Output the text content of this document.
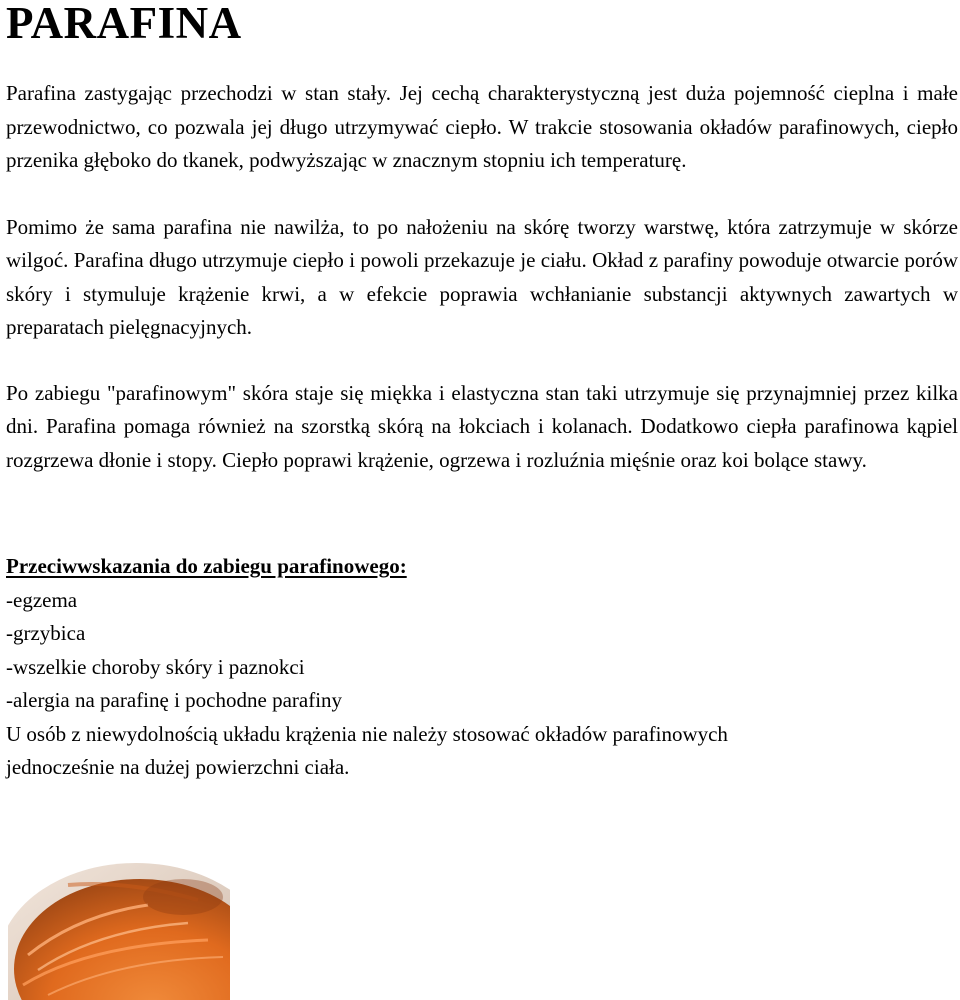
PARAFINA

Parafina zastygając przechodzi w stan stały. Jej cechą charakterystyczną jest duża pojemność cieplna i małe przewodnictwo, co pozwala jej długo utrzymywać ciepło. W trakcie stosowania okładów parafinowych, ciepło przenika głęboko do tkanek, podwyższając w znacznym stopniu ich temperaturę.

Pomimo że sama parafina nie nawilża, to po nałożeniu na skórę tworzy warstwę, która zatrzymuje w skórze wilgoć. Parafina długo utrzymuje ciepło i powoli przekazuje je ciału. Okład z parafiny powoduje otwarcie porów skóry i stymuluje krążenie krwi, a w efekcie poprawia wchłanianie substancji aktywnych zawartych w preparatach pielęgnacyjnych.

Po zabiegu "parafinowym" skóra staje się miękka i elastyczna stan taki utrzymuje się przynajmniej przez kilka dni. Parafina pomaga również na szorstką skórą na łokciach i kolanach. Dodatkowo ciepła parafinowa kąpiel rozgrzewa dłonie i stopy. Ciepło poprawi krążenie, ogrzewa i rozluźnia mięśnie oraz koi bolące stawy.

Przeciwwskazania do zabiegu parafinowego:
-egzema
-grzybica
-wszelkie choroby skóry i paznokci
-alergia na parafinę i pochodne parafiny
U osób z niewydolnością układu krążenia nie należy stosować okładów parafinowych
jednocześnie na dużej powierzchni ciała.
